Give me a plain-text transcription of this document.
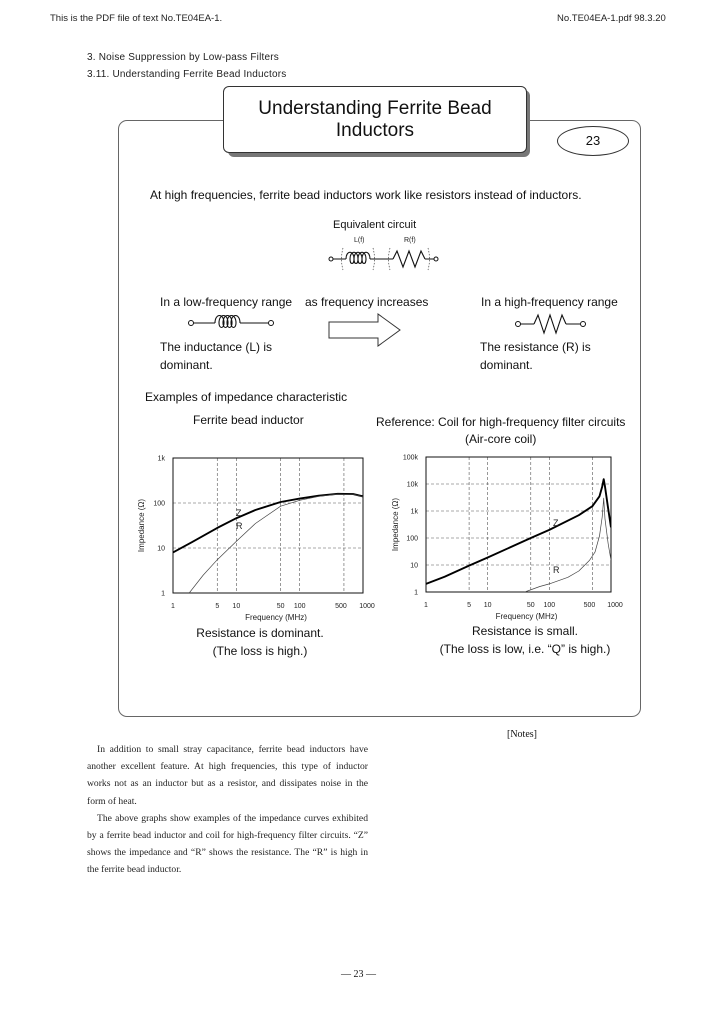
This is the PDF file of text No.TE04EA-1.	No.TE04EA-1.pdf 98.3.20
3. Noise Suppression by Low-pass Filters
3.11. Understanding Ferrite Bead Inductors
Understanding Ferrite Bead
Inductors	23
At high frequencies, ferrite bead inductors work like resistors instead of inductors.
Equivalent circuit
L(f)	R(f)
In a low-frequency range as frequency increases	In a high-frequency range
The inductance (L) is
dominant.
The resistance (R) is
dominant.
Examples of impedance characteristic
Ferrite bead inductor	Reference: Coil for high-frequency filter circuits
(Air-core coil)
1
10
100
1k
1	5 10	50 100	500 1000
Frequency (MHz)
Impedance (Ω)	Z
R
1
10
100
1k
10k
100k
1	5 10	50 100	500 1000
Frequency (MHz)
Impedance (Ω)	Z
R
Resistance is dominant.
(The loss is high.)
Resistance is small.
(The loss is low, i.e. “Q” is high.)

In addition to small stray capacitance, ferrite bead inductors have another excellent feature. At high frequencies, this type of inductor works not as an inductor but as a resistor, and dissipates noise in the form of heat.

The above graphs show examples of the impedance curves exhibited by a ferrite bead inductor and coil for high-frequency filter circuits. “Z” shows the impedance and “R” shows the resistance. The “R” is high in the ferrite bead inductor.

[Notes]
— 23 —
